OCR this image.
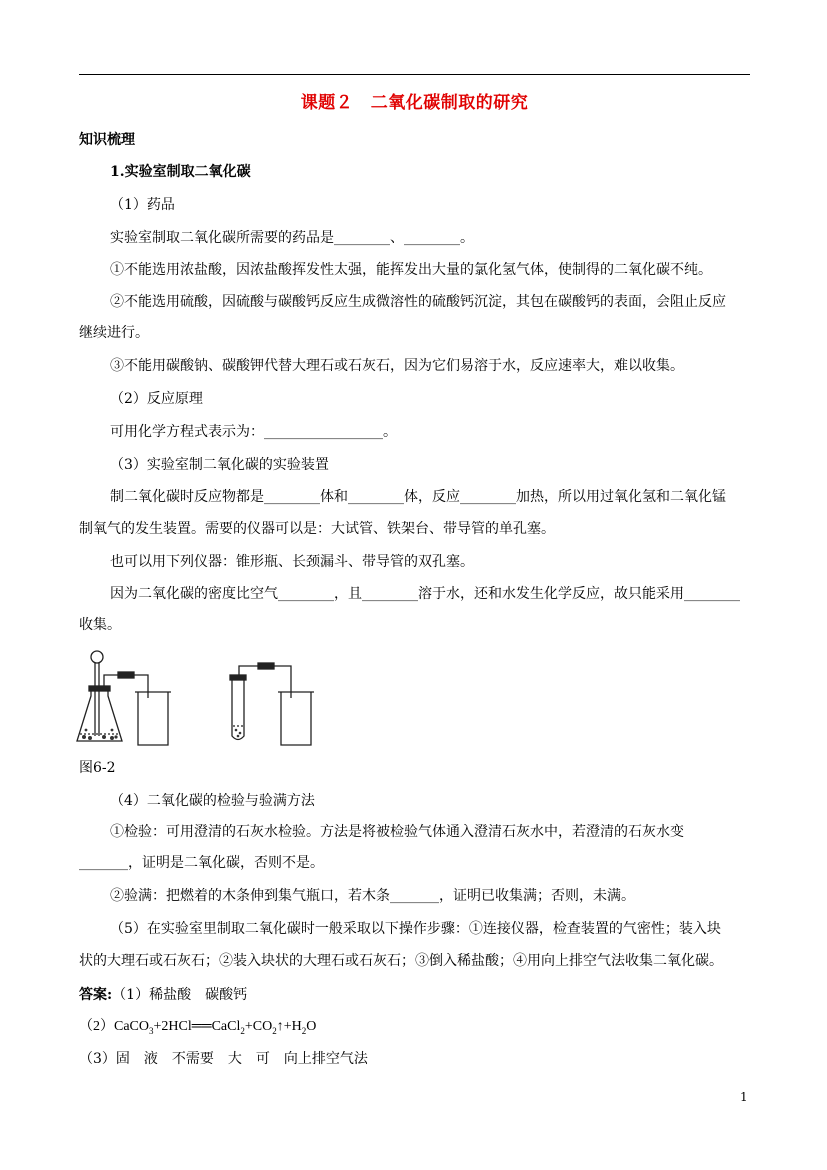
课题２　二氧化碳制取的研究
知识梳理
1.实验室制取二氧化碳
（1）药品
实验室制取二氧化碳所需要的药品是________、________。
①不能选用浓盐酸，因浓盐酸挥发性太强，能挥发出大量的氯化氢气体，使制得的二氧化碳不纯。
②不能选用硫酸，因硫酸与碳酸钙反应生成微溶性的硫酸钙沉淀，其包在碳酸钙的表面，会阻止反应
继续进行。
③不能用碳酸钠、碳酸钾代替大理石或石灰石，因为它们易溶于水，反应速率大，难以收集。
（2）反应原理
可用化学方程式表示为：_________________。
（3）实验室制二氧化碳的实验装置
制二氧化碳时反应物都是________体和________体，反应________加热，所以用过氧化氢和二氧化锰
制氧气的发生装置。需要的仪器可以是：大试管、铁架台、带导管的单孔塞。
也可以用下列仪器：锥形瓶、长颈漏斗、带导管的双孔塞。
因为二氧化碳的密度比空气________，且________溶于水，还和水发生化学反应，故只能采用________
收集。
图6-2
（4）二氧化碳的检验与验满方法
①检验：可用澄清的石灰水检验。方法是将被检验气体通入澄清石灰水中，若澄清的石灰水变
_______，证明是二氧化碳，否则不是。
②验满：把燃着的木条伸到集气瓶口，若木条_______，证明已收集满；否则，未满。
（5）在实验室里制取二氧化碳时一般采取以下操作步骤：①连接仪器，检查装置的气密性；装入块
状的大理石或石灰石；②装入块状的大理石或石灰石；③倒入稀盐酸；④用向上排空气法收集二氧化碳。
答案:（1）稀盐酸　碳酸钙
$(2)CaCO_3+2HCl══CaCl_2+CO_2↑+H_2O$
（3）固　液　不需要　大　可　向上排空气法
1
